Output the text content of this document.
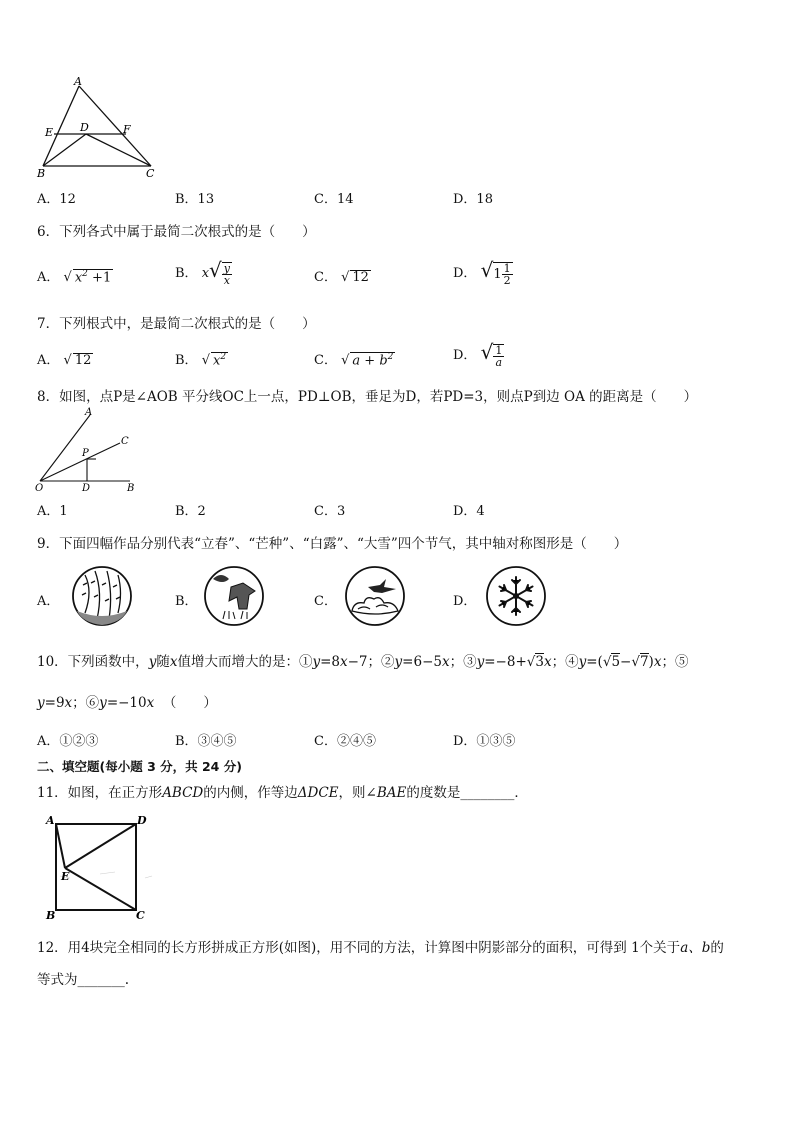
A
E D	F
B	C
A．12	B．13	C．14	D．18
6．下列各式中属于最简二次根式的是（　　）
A． √ $x^2 +1$	B． $x√ \frac{y}{x}$	C． √ 12	D． $√1 \frac{1}{2}$
7．下列根式中，是最简二次根式的是（　　）
A． √ 12	B． √ $x^2$	C． √ $a + b^2$	D． √ $\frac{1}{a}$
8．如图，点P是∠AOB 平分线OC上一点，PD⊥OB，垂足为D，若PD=3，则点P到边 OA 的距离是（　　）
A
C
P
O	D	B
A．1	B．2	C．3	D．4
9．下面四幅作品分别代表“立春”、“芒种”、“白露”、“大雪”四个节气，其中轴对称图形是（　　）
A．	B．	C．	D．
10．下列函数中，y随x值增大而增大的是：①y=8x−7；②y=6−5x；③y=−8+√3x；④y=(√5−√7)x；⑤
y=9x；⑥y=−10x （　　）
A．①②③	B．③④⑤	C．②④⑤	D．①③⑤
二、填空题(每小题 3 分，共 24 分)
11．如图，在正方形ABCD的内侧，作等边ΔDCE，则∠BAE的度数是________．
A	D
E
B	C
12．用4块完全相同的长方形拼成正方形(如图)，用不同的方法，计算图中阴影部分的面积，可得到 1个关于a、b的
等式为_______.
